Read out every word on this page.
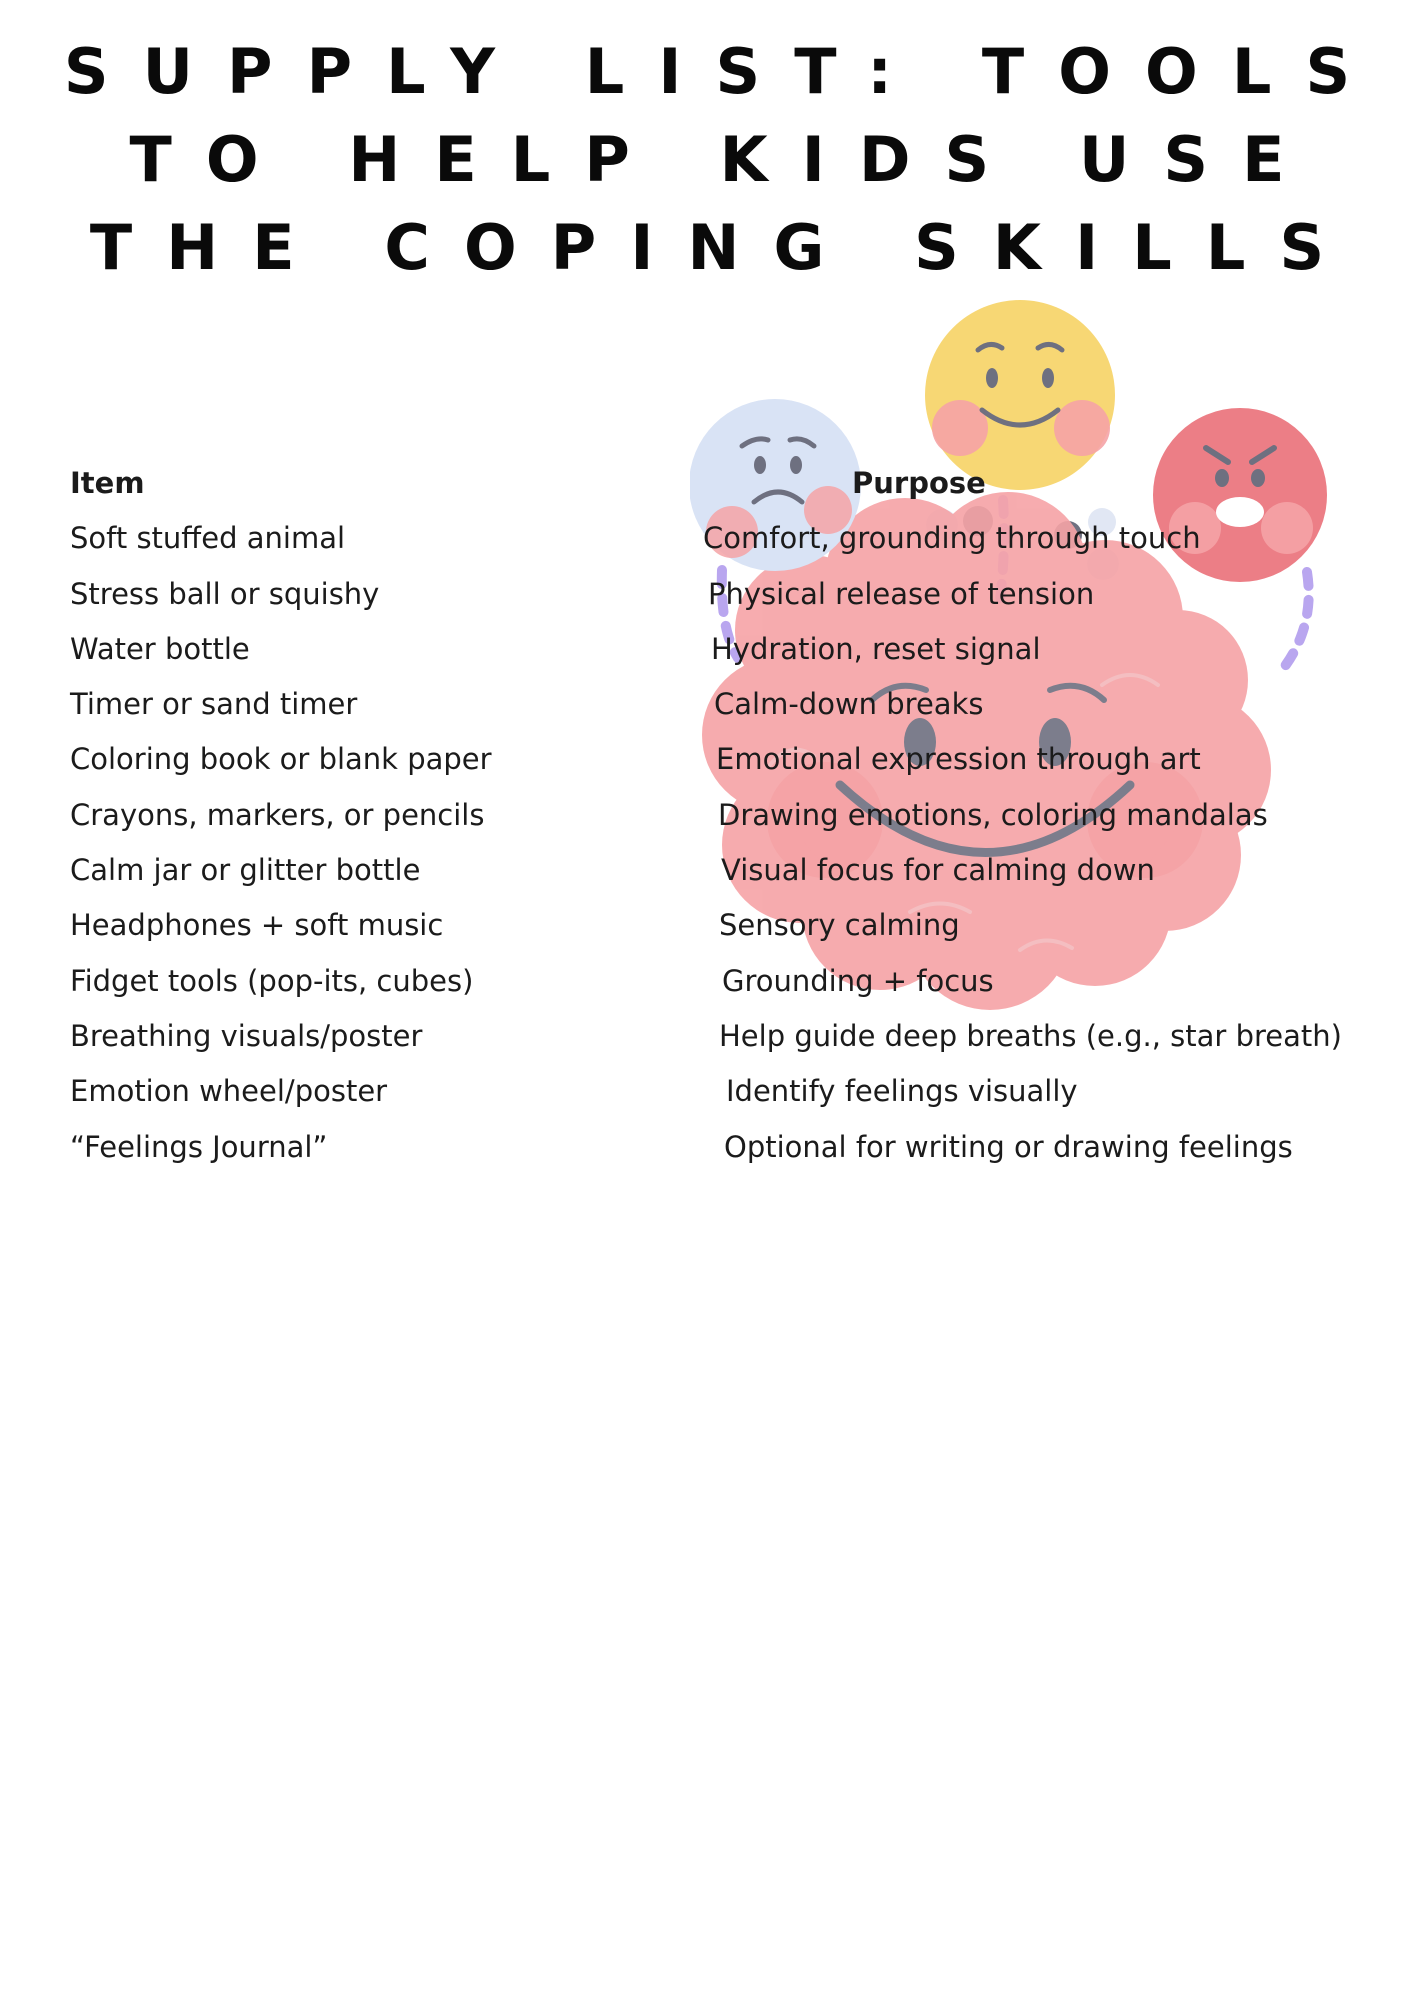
SUPPLY LIST: TOOLS
TO HELP KIDS USE
THE COPING SKILLS
Item	Purpose
Soft stuffed animal	Comfort, grounding through touch
Stress ball or squishy	Physical release of tension
Water bottle	Hydration, reset signal
Timer or sand timer	Calm-down breaks
Coloring book or blank paper	Emotional expression through art
Crayons, markers, or pencils	Drawing emotions, coloring mandalas
Calm jar or glitter bottle	Visual focus for calming down
Headphones + soft music	Sensory calming
Fidget tools (pop-its, cubes)	Grounding + focus
Breathing visuals/poster	Help guide deep breaths (e.g., star breath)
Emotion wheel/poster	Identify feelings visually
“Feelings Journal”	Optional for writing or drawing feelings
